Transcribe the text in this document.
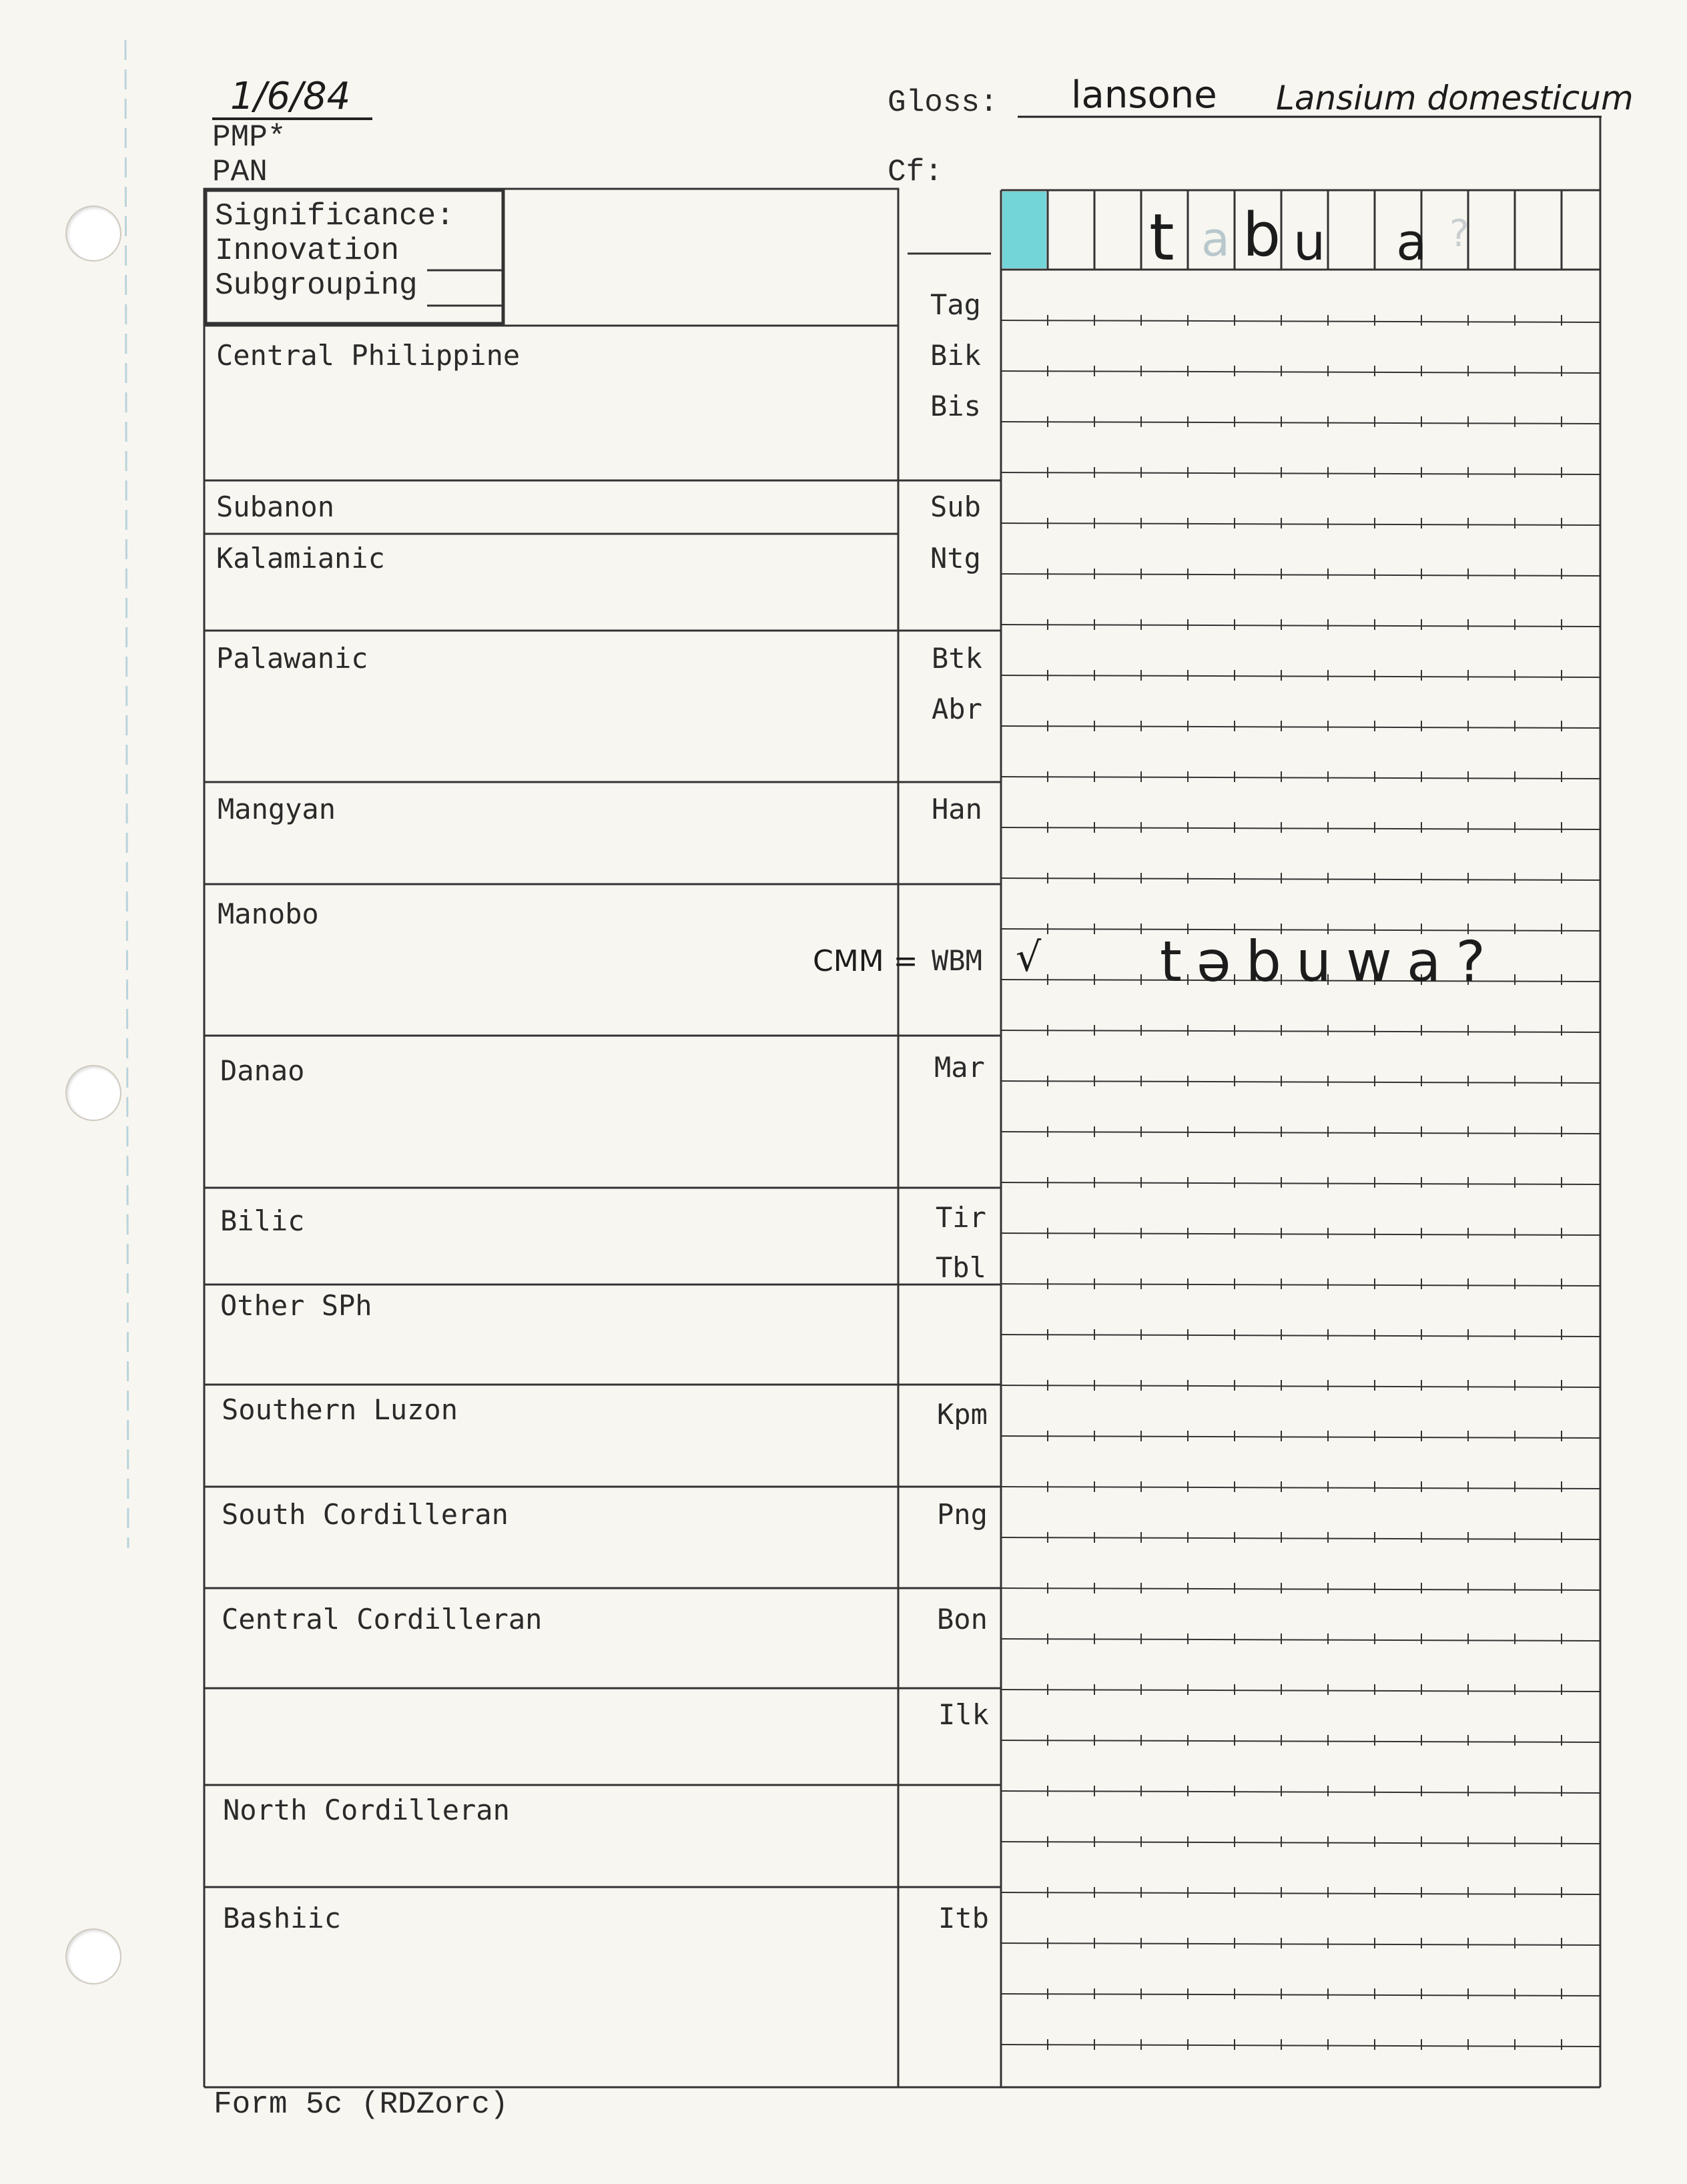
1/6/84
PMP*
PAN
Gloss: lansone Lansium domesticum
Cf:
Significance:
Innovation
Subgrouping
t a b u a ?
Central Philippine
Subanon
Kalamianic
Palawanic
Mangyan
Manobo
Danao
Bilic
Other SPh
Southern Luzon
South Cordilleran
Central Cordilleran
North Cordilleran
Bashiic
Tag
Bik
Bis
Sub
Ntg
Btk
Abr
Han
WBM
Mar
Tir
Tbl
Kpm
Png
Bon
Ilk
Itb
CMM = √ təbuwa?
Form 5c (RDZorc)
